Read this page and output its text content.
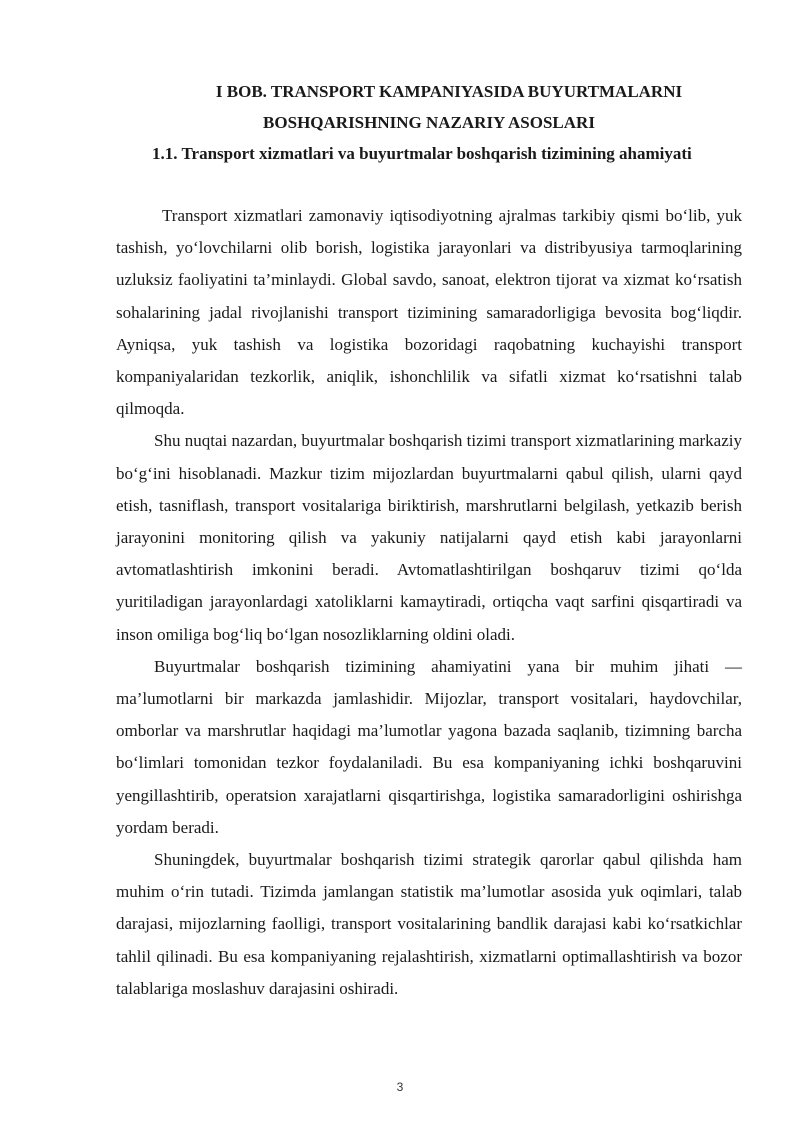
I BOB. TRANSPORT KAMPANIYASIDA BUYURTMALARNI
BOSHQARISHNING NAZARIY ASOSLARI
1.1. Transport xizmatlari va buyurtmalar boshqarish tizimining ahamiyati

Transport xizmatlari zamonaviy iqtisodiyotning ajralmas tarkibiy qismi bo‘lib, yuk tashish, yo‘lovchilarni olib borish, logistika jarayonlari va distribyusiya tarmoqlarining uzluksiz faoliyatini ta’minlaydi. Global savdo, sanoat, elektron tijorat va xizmat ko‘rsatish sohalarining jadal rivojlanishi transport tizimining samaradorligiga bevosita bog‘liqdir. Ayniqsa, yuk tashish va logistika bozoridagi raqobatning kuchayishi transport kompaniyalaridan tezkorlik, aniqlik, ishonchlilik va sifatli xizmat ko‘rsatishni talab qilmoqda.

Shu nuqtai nazardan, buyurtmalar boshqarish tizimi transport xizmatlarining markaziy bo‘g‘ini hisoblanadi. Mazkur tizim mijozlardan buyurtmalarni qabul qilish, ularni qayd etish, tasniflash, transport vositalariga biriktirish, marshrutlarni belgilash, yetkazib berish jarayonini monitoring qilish va yakuniy natijalarni qayd etish kabi jarayonlarni avtomatlashtirish imkonini beradi. Avtomatlashtirilgan boshqaruv tizimi qo‘lda yuritiladigan jarayonlardagi xatoliklarni kamaytiradi, ortiqcha vaqt sarfini qisqartiradi va inson omiliga bog‘liq bo‘lgan nosozliklarning oldini oladi.

Buyurtmalar boshqarish tizimining ahamiyatini yana bir muhim jihati — ma’lumotlarni bir markazda jamlashidir. Mijozlar, transport vositalari, haydovchilar, omborlar va marshrutlar haqidagi ma’lumotlar yagona bazada saqlanib, tizimning barcha bo‘limlari tomonidan tezkor foydalaniladi. Bu esa kompaniyaning ichki boshqaruvini yengillashtirib, operatsion xarajatlarni qisqartirishga, logistika samaradorligini oshirishga yordam beradi.

Shuningdek, buyurtmalar boshqarish tizimi strategik qarorlar qabul qilishda ham muhim o‘rin tutadi. Tizimda jamlangan statistik ma’lumotlar asosida yuk oqimlari, talab darajasi, mijozlarning faolligi, transport vositalarining bandlik darajasi kabi ko‘rsatkichlar tahlil qilinadi. Bu esa kompaniyaning rejalashtirish, xizmatlarni optimallashtirish va bozor talablariga moslashuv darajasini oshiradi.

3
